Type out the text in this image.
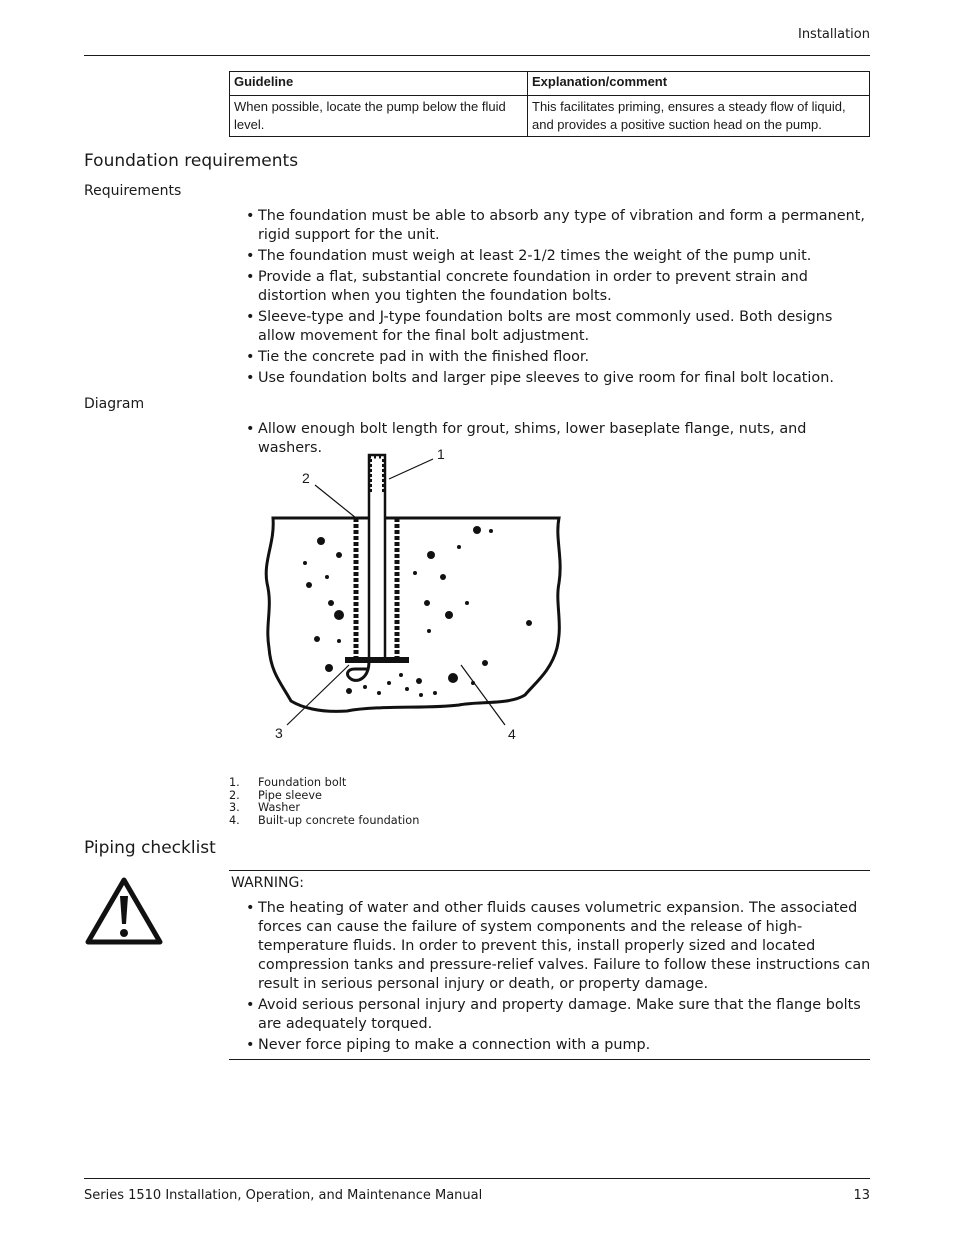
Installation
Guideline	Explanation/comment
When possible, locate the pump below the fluid level.	This facilitates priming, ensures a steady flow of liquid, and provides a positive suction head on the pump.
Foundation requirements
Requirements
• The foundation must be able to absorb any type of vibration and form a permanent, rigid support for the unit.
• The foundation must weigh at least 2-1/2 times the weight of the pump unit.
• Provide a flat, substantial concrete foundation in order to prevent strain and distortion when you tighten the foundation bolts.
• Sleeve-type and J-type foundation bolts are most commonly used. Both designs allow movement for the final bolt adjustment.
• Tie the concrete pad in with the finished floor.
• Use foundation bolts and larger pipe sleeves to give room for final bolt location.
Diagram
• Allow enough bolt length for grout, shims, lower baseplate flange, nuts, and washers.	1
2
3	4
1.	Foundation bolt
2.	Pipe sleeve
3.	Washer
4.	Built-up concrete foundation
Piping checklist
WARNING:
• The heating of water and other fluids causes volumetric expansion. The associated forces can cause the failure of system components and the release of high-temperature fluids. In order to prevent this, install properly sized and located compression tanks and pressure-relief valves. Failure to follow these instructions can result in serious personal injury or death, or property damage.
• Avoid serious personal injury and property damage. Make sure that the flange bolts are adequately torqued.
• Never force piping to make a connection with a pump.
Series 1510 Installation, Operation, and Maintenance Manual	13
